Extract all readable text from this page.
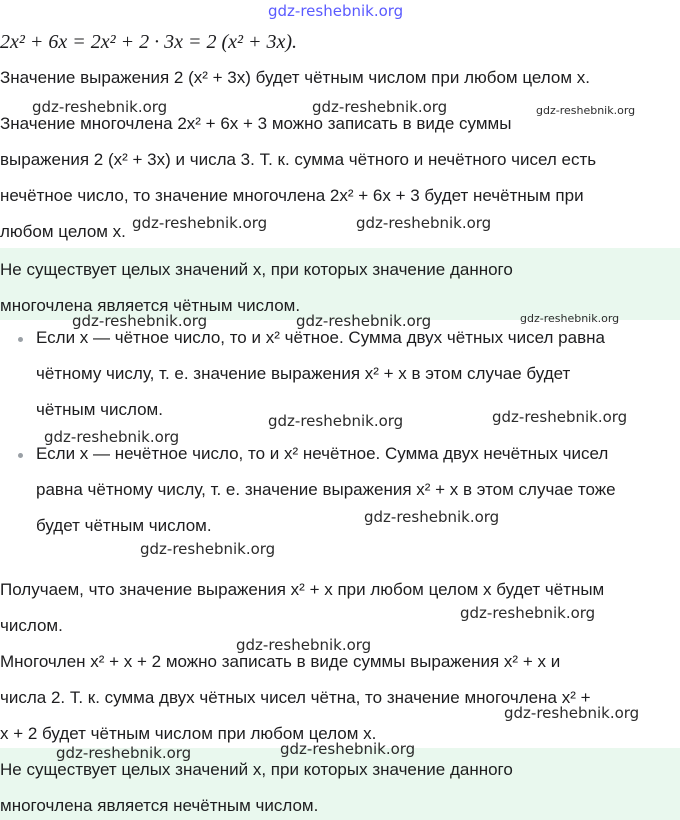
2x² + 6x = 2x² + 2 · 3x = 2 (x² + 3x).
Значение выражения 2 (x² + 3x) будет чётным числом при любом целом x.
Значение многочлена 2x² + 6x + 3 можно записать в виде суммы
выражения 2 (x² + 3x) и числа 3. Т. к. сумма чётного и нечётного чисел есть
нечётное число, то значение многочлена 2x² + 6x + 3 будет нечётным при
любом целом x.
Не существует целых значений x, при которых значение данного
многочлена является чётным числом.
Если x — чётное число, то и x² чётное. Сумма двух чётных чисел равна
чётному числу, т. е. значение выражения x² + x в этом случае будет
чётным числом.
Если x — нечётное число, то и x² нечётное. Сумма двух нечётных чисел
равна чётному числу, т. е. значение выражения x² + x в этом случае тоже
будет чётным числом.
Получаем, что значение выражения x² + x при любом целом x будет чётным
числом.
Многочлен x² + x + 2 можно записать в виде суммы выражения x² + x и
числа 2. Т. к. сумма двух чётных чисел чётна, то значение многочлена x² +
x + 2 будет чётным числом при любом целом x.
Не существует целых значений x, при которых значение данного
многочлена является нечётным числом.
gdz-reshebnik.org
gdz-reshebnik.org	gdz-reshebnik.org	gdz-reshebnik.org
gdz-reshebnik.org	gdz-reshebnik.org
gdz-reshebnik.org	gdz-reshebnik.org	gdz-reshebnik.org
gdz-reshebnik.org	gdz-reshebnik.org
gdz-reshebnik.org
gdz-reshebnik.org
gdz-reshebnik.org
gdz-reshebnik.org
gdz-reshebnik.org
gdz-reshebnik.org
gdz-reshebnik.org	gdz-reshebnik.org
